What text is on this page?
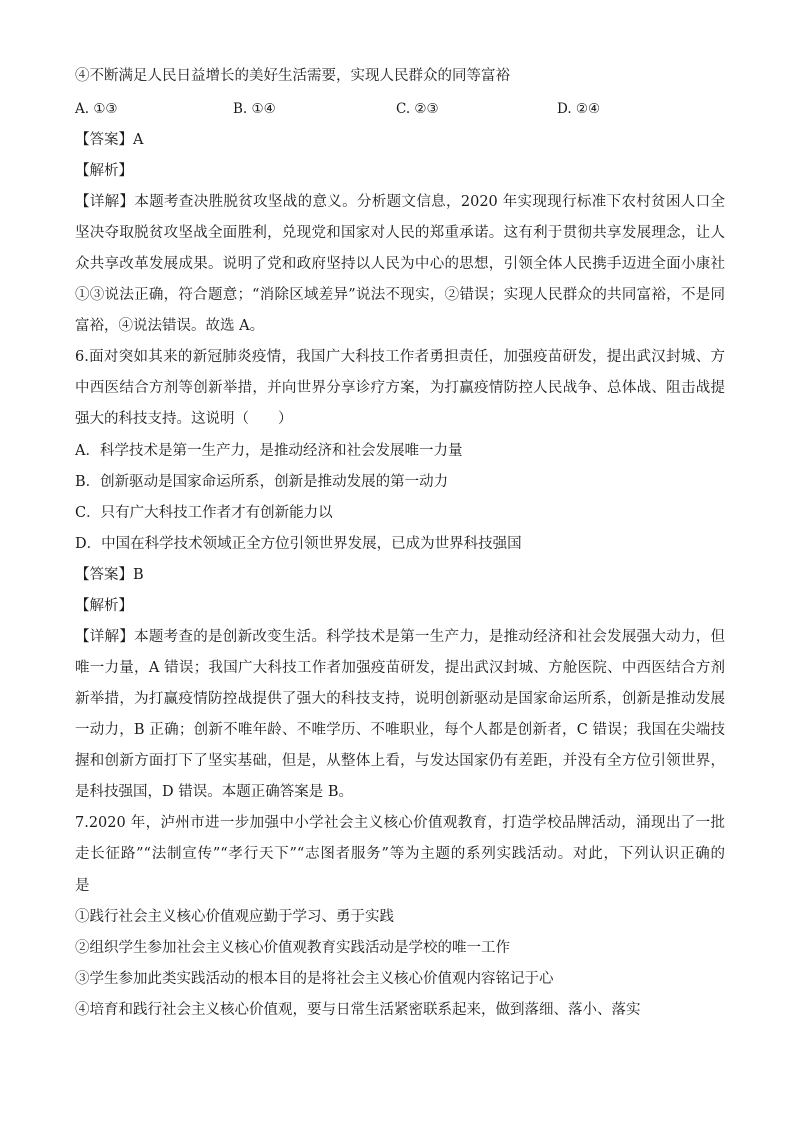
④不断满足人民日益增长的美好生活需要，实现人民群众的同等富裕
A. ①③	B. ①④	C. ②③	D. ②④
【答案】A
【解析】
【详解】本题考查决胜脱贫攻坚战的意义。分析题文信息，2020 年实现现行标准下农村贫困人口全
坚决夺取脱贫攻坚战全面胜利，兑现党和国家对人民的郑重承诺。这有利于贯彻共享发展理念，让人
众共享改革发展成果。说明了党和政府坚持以人民为中心的思想，引领全体人民携手迈进全面小康社
①③说法正确，符合题意；“消除区域差异”说法不现实，②错误；实现人民群众的共同富裕，不是同
富裕，④说法错误。故选 A。
6.面对突如其来的新冠肺炎疫情，我国广大科技工作者勇担责任，加强疫苗研发，提出武汉封城、方
中西医结合方剂等创新举措，并向世界分享诊疗方案，为打赢疫情防控人民战争、总体战、阻击战提
强大的科技支持。这说明（　　）
A．科学技术是第一生产力，是推动经济和社会发展唯一力量
B．创新驱动是国家命运所系，创新是推动发展的第一动力
C．只有广大科技工作者才有创新能力以
D．中国在科学技术领域正全方位引领世界发展，已成为世界科技强国
【答案】B
【解析】
【详解】本题考查的是创新改变生活。科学技术是第一生产力，是推动经济和社会发展强大动力，但
唯一力量，A 错误；我国广大科技工作者加强疫苗研发，提出武汉封城、方舱医院、中西医结合方剂
新举措，为打赢疫情防控战提供了强大的科技支持，说明创新驱动是国家命运所系，创新是推动发展
一动力，B 正确；创新不唯年龄、不唯学历、不唯职业，每个人都是创新者，C 错误；我国在尖端技
握和创新方面打下了坚实基础，但是，从整体上看，与发达国家仍有差距，并没有全方位引领世界，
是科技强国，D 错误。本题正确答案是 B。
7.2020 年，泸州市进一步加强中小学社会主义核心价值观教育，打造学校品牌活动，涌现出了一批
走长征路”“法制宣传”“孝行天下”“志图者服务”等为主题的系列实践活动。对此，下列认识正确的
是
①践行社会主义核心价值观应勤于学习、勇于实践
②组织学生参加社会主义核心价值观教育实践活动是学校的唯一工作
③学生参加此类实践活动的根本目的是将社会主义核心价值观内容铭记于心
④培育和践行社会主义核心价值观，要与日常生活紧密联系起来，做到落细、落小、落实
